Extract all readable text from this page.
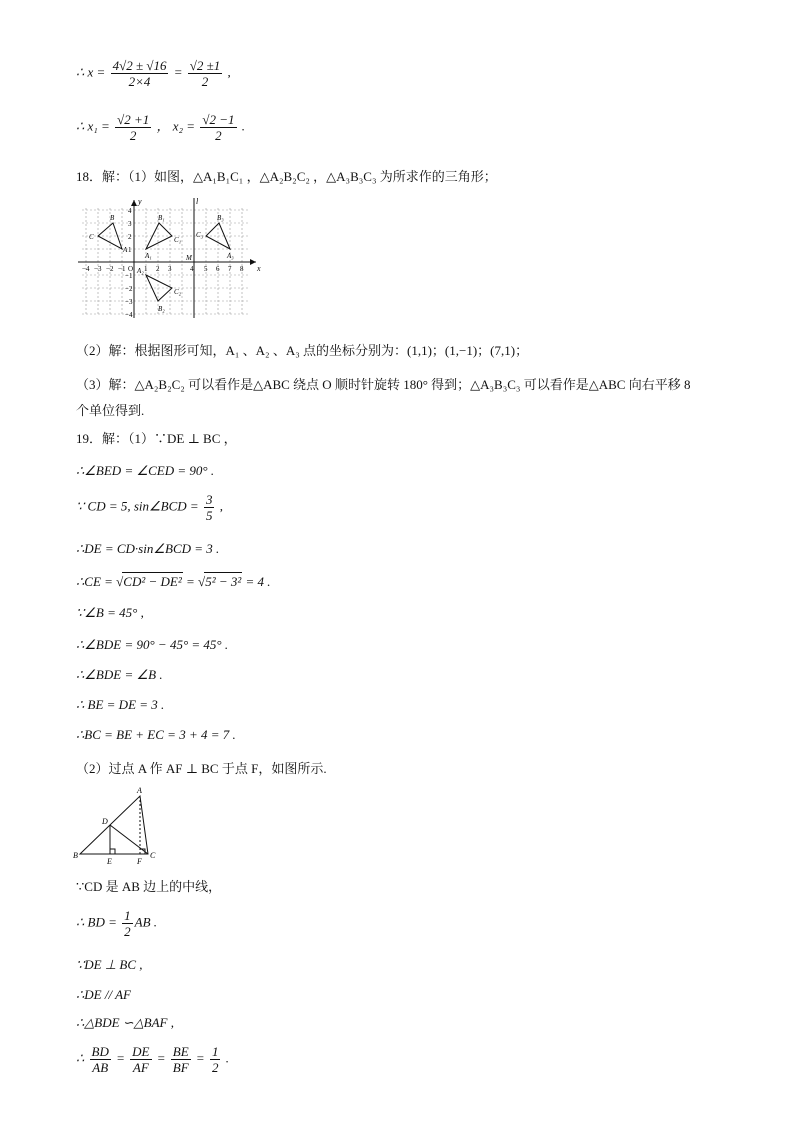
∴ $x = \frac{4√2 \pm √16}{2\times 4} = \frac{√2 \pm 1}{2}$ ,
∴ $x_1 = \frac{√2 +1}{2}$ ， $x_2 = \frac{√2 -1}{2}$ .
18．解：（1）如图，△A₁B₁C₁ ，△A₂B₂C₂ ，△A₃B₃C₃ 为所求作的三角形；
x
y	l
−4 −3 −2 −1 O 1 2 3	4 5 6 7 8
4
3
2
1
−1
−2
−3
−4
A
B
C
A₁
B₁
C₁
A₂
B₂
C₂
A₃
B₃
C₃
M
（2）解：根据图形可知，A₁ 、A₂ 、A₃ 点的坐标分别为：(1,1)；(1,−1)；(7,1)；
（3）解：△A₂B₂C₂ 可以看作是△ABC 绕点 O 顺时针旋转 180° 得到；△A₃B₃C₃ 可以看作是△ABC 向右平移 8
个单位得到.
19．解：（1）∵DE ⊥ BC ，
∴∠BED = ∠CED = 90° .
∵ CD = 5, sin∠BCD = $\frac{3}{5}$ ,
∴DE = CD·sin∠BCD = 3 .
∴CE = √CD² − DE² = √5² − 3² = 4 .
∵∠B = 45° ,
∴∠BDE = 90° − 45° = 45° .
∴∠BDE = ∠B .
∴ BE = DE = 3 .
∴BC = BE + EC = 3 + 4 = 7 .
（2）过点 A 作 AF ⊥ BC 于点 F，如图所示.
A
B	C
D
E	F
∵CD 是 AB 边上的中线，
∴ BD = $\frac{1}{2}$ AB .
∵DE ⊥ BC ,
∴DE // AF
∴△BDE ∽△BAF ,
∴ $\frac{BD}{AB} = \frac{DE}{AF} = \frac{BE}{BF} = \frac{1}{2}$ .
